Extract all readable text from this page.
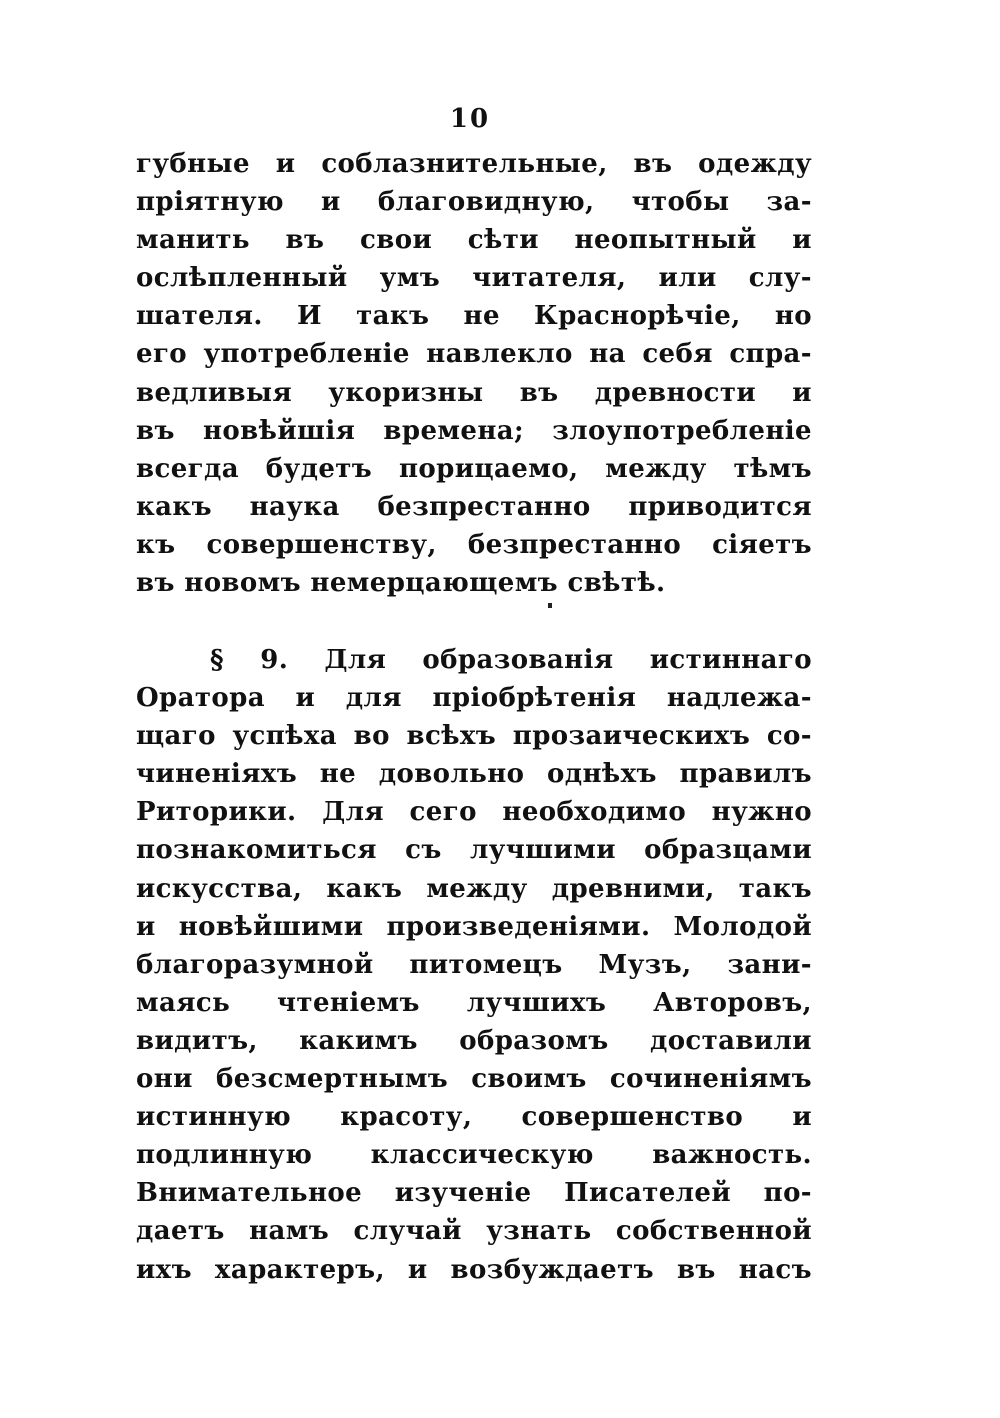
10
губные и соблазнительные, въ одежду
пріятную и благовидную, чтобы за-
манить въ свои сѣти неопытный и
ослѣпленный умъ читателя, или слу-
шателя. И такъ не Краснорѣчіе, но
его употребленіе навлекло на себя спра-
ведливыя укоризны въ древности и
въ новѣйшія времена; злоупотребленіе
всегда будетъ порицаемо, между тѣмъ
какъ наука безпрестанно приводится
къ совершенству, безпрестанно сіяетъ
въ новомъ немерцающемъ свѣтѣ.
§ 9. Для образованія истиннаго
Оратора и для пріобрѣтенія надлежа-
щаго успѣха во всѣхъ прозаическихъ со-
чиненіяхъ не довольно однѣхъ правилъ
Риторики. Для сего необходимо нужно
познакомиться съ лучшими образцами
искусства, какъ между древними, такъ
и новѣйшими произведеніями. Молодой
благоразумной питомецъ Музъ, зани-
маясь чтеніемъ лучшихъ Авторовъ,
видитъ, какимъ образомъ доставили
они безсмертнымъ своимъ сочиненіямъ
истинную красоту, совершенство и
подлинную классическую важность.
Внимательное изученіе Писателей по-
даетъ намъ случай узнать собственной
ихъ характеръ, и возбуждаетъ въ насъ
